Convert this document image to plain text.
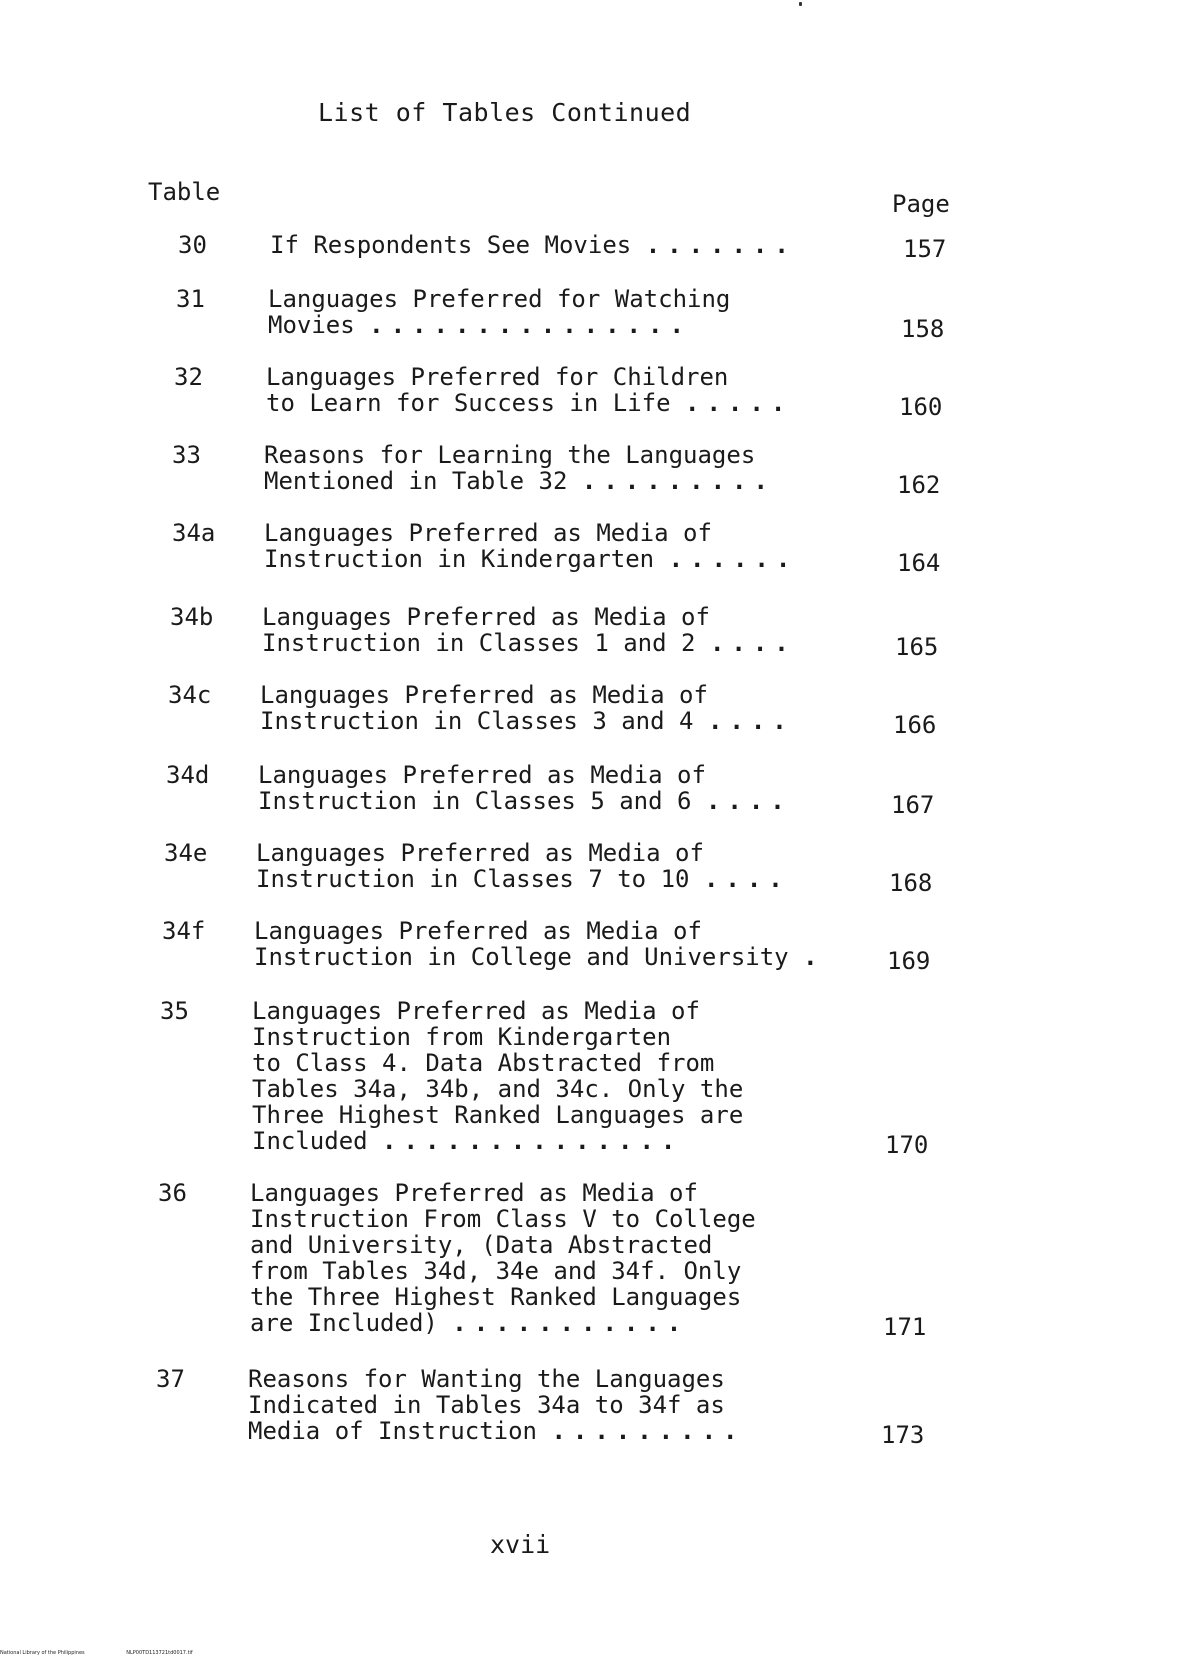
List of Tables Continued
Table	Page
30	If Respondents See Movies .......	157
31	Languages Preferred for Watching
Movies ...............	158
32	Languages Preferred for Children
to Learn for Success in Life .....	160
33	Reasons for Learning the Languages
Mentioned in Table 32 .........	162
34a	Languages Preferred as Media of
Instruction in Kindergarten ......	164
34b	Languages Preferred as Media of
Instruction in Classes 1 and 2 ....	165
34c	Languages Preferred as Media of
Instruction in Classes 3 and 4 ....	166
34d	Languages Preferred as Media of
Instruction in Classes 5 and 6 ....	167
34e	Languages Preferred as Media of
Instruction in Classes 7 to 10 ....	168
34f	Languages Preferred as Media of
Instruction in College and University .	169
35	Languages Preferred as Media of
Instruction from Kindergarten
to Class 4. Data Abstracted from
Tables 34a, 34b, and 34c. Only the
Three Highest Ranked Languages are
Included ..............	170
36	Languages Preferred as Media of
Instruction From Class V to College
and University, (Data Abstracted
from Tables 34d, 34e and 34f. Only
the Three Highest Ranked Languages
are Included) ...........	171
37	Reasons for Wanting the Languages
Indicated in Tables 34a to 34f as
Media of Instruction .........	173
xvii
National Library of the Philippines	NLP00TD113721td0017.tif
